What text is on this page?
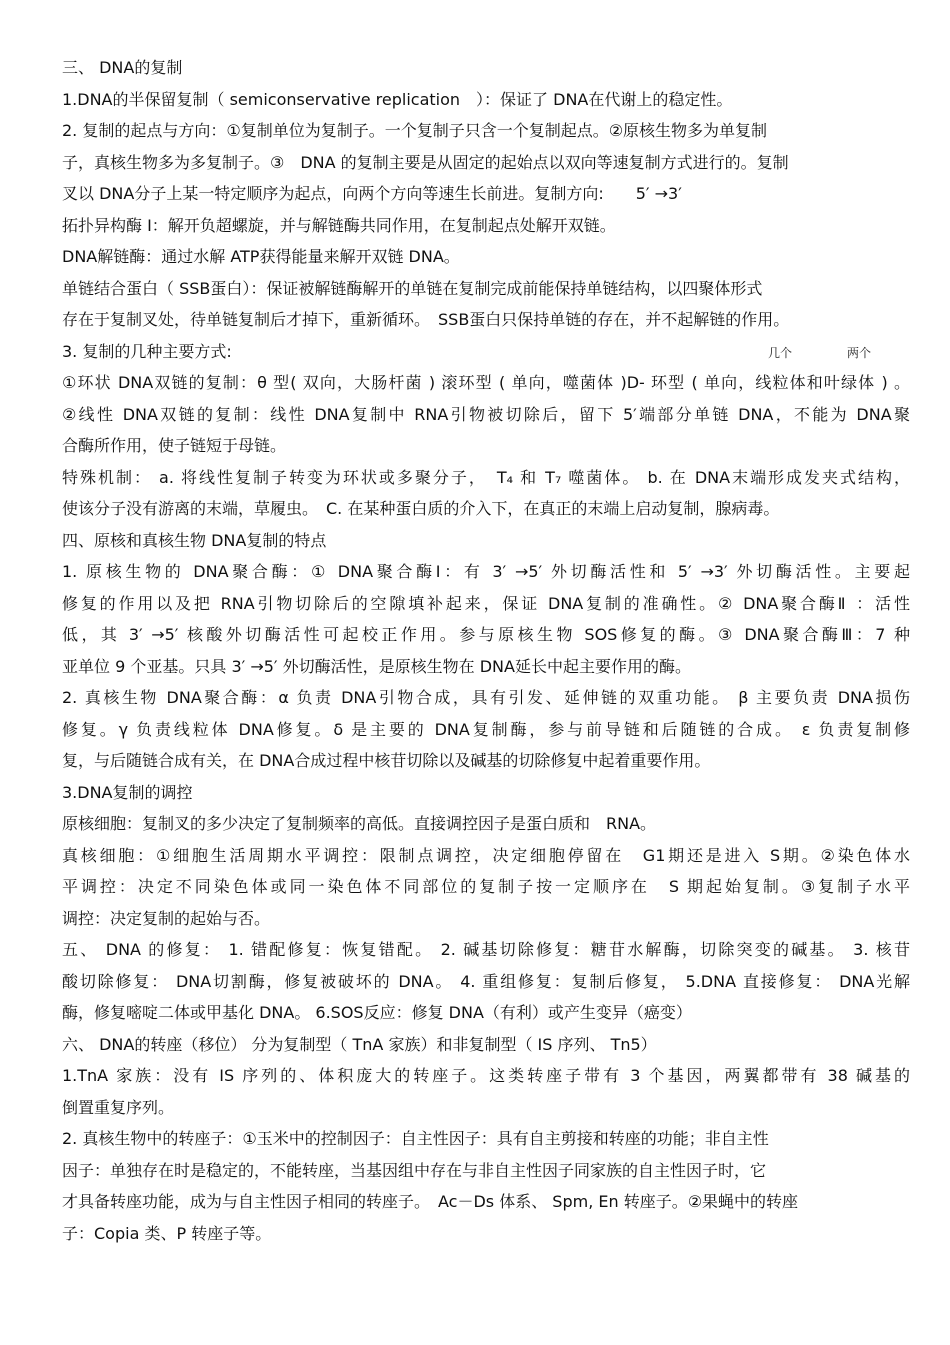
三、 DNA的复制
1.DNA的半保留复制（ semiconservative replication　）：保证了 DNA在代谢上的稳定性。
2. 复制的起点与方向：①复制单位为复制子。一个复制子只含一个复制起点。②原核生物多为单复制
子，真核生物多为多复制子。③　DNA 的复制主要是从固定的起始点以双向等速复制方式进行的。复制
叉以 DNA分子上某一特定顺序为起点，向两个方向等速生长前进。复制方向:　　5′ →3′
拓扑异构酶 Ⅰ：解开负超螺旋，并与解链酶共同作用，在复制起点处解开双链。
DNA解链酶：通过水解 ATP获得能量来解开双链 DNA。
单链结合蛋白（ SSB蛋白）：保证被解链酶解开的单链在复制完成前能保持单链结构，以四聚体形式
存在于复制叉处，待单链复制后才掉下，重新循环。　SSB蛋白只保持单链的存在，并不起解链的作用。
3. 复制的几种主要方式:
①环状 DNA双链的复制：θ 型( 双向，大肠杆菌 ) 滚环型 ( 单向，噬菌体 )D- 环型 ( 单向，线粒体和叶绿体 ) 。
②线性 DNA双链的复制：线性 DNA复制中 RNA引物被切除后，留下 5′端部分单链 DNA，不能为 DNA聚
合酶所作用，使子链短于母链。
特殊机制： a. 将线性复制子转变为环状或多聚分子，　T₄ 和 T₇ 噬菌体。 b. 在 DNA末端形成发夹式结构，
使该分子没有游离的末端，草履虫。　C. 在某种蛋白质的介入下，在真正的末端上启动复制，腺病毒。
四、原核和真核生物 DNA复制的特点
1. 原核生物的 DNA聚合酶：① DNA聚合酶Ⅰ：有 3′ →5′ 外切酶活性和 5′ →3′ 外切酶活性。主要起
修复的作用以及把 RNA引物切除后的空隙填补起来，保证 DNA复制的准确性。② DNA聚合酶Ⅱ ：活性
低，其 3′ →5′ 核酸外切酶活性可起校正作用。参与原核生物 SOS修复的酶。③ DNA聚合酶Ⅲ：7 种
亚单位 9 个亚基。只具 3′ →5′ 外切酶活性，是原核生物在 DNA延长中起主要作用的酶。
2. 真核生物 DNA聚合酶：α 负责 DNA引物合成，具有引发、延伸链的双重功能。 β 主要负责 DNA损伤
修复。γ 负责线粒体 DNA修复。δ 是主要的 DNA复制酶，参与前导链和后随链的合成。 ε 负责复制修
复，与后随链合成有关，在 DNA合成过程中核苷切除以及碱基的切除修复中起着重要作用。
3.DNA复制的调控
原核细胞：复制叉的多少决定了复制频率的高低。直接调控因子是蛋白质和　RNA。
真核细胞：①细胞生活周期水平调控：限制点调控，决定细胞停留在　G1期还是进入 S期。②染色体水
平调控：决定不同染色体或同一染色体不同部位的复制子按一定顺序在　S 期起始复制。③复制子水平
调控：决定复制的起始与否。
五、 DNA 的修复： 1. 错配修复：恢复错配。 2. 碱基切除修复：糖苷水解酶，切除突变的碱基。 3. 核苷
酸切除修复： DNA切割酶，修复被破坏的 DNA。 4. 重组修复：复制后修复， 5.DNA 直接修复： DNA光解
酶，修复嘧啶二体或甲基化 DNA。 6.SOS反应：修复 DNA（有利）或产生变异（癌变）
六、 DNA的转座（移位） 分为复制型（ TnA 家族）和非复制型（ IS 序列、 Tn5）
1.TnA 家族：没有 IS 序列的、体积庞大的转座子。这类转座子带有 3 个基因，两翼都带有 38 碱基的
倒置重复序列。
2. 真核生物中的转座子：①玉米中的控制因子：自主性因子：具有自主剪接和转座的功能；非自主性
因子：单独存在时是稳定的，不能转座，当基因组中存在与非自主性因子同家族的自主性因子时，它
才具备转座功能，成为与自主性因子相同的转座子。　Ac－Ds 体系、 Spm, En 转座子。②果蝇中的转座
子：Copia 类、P 转座子等。
几个	两个
